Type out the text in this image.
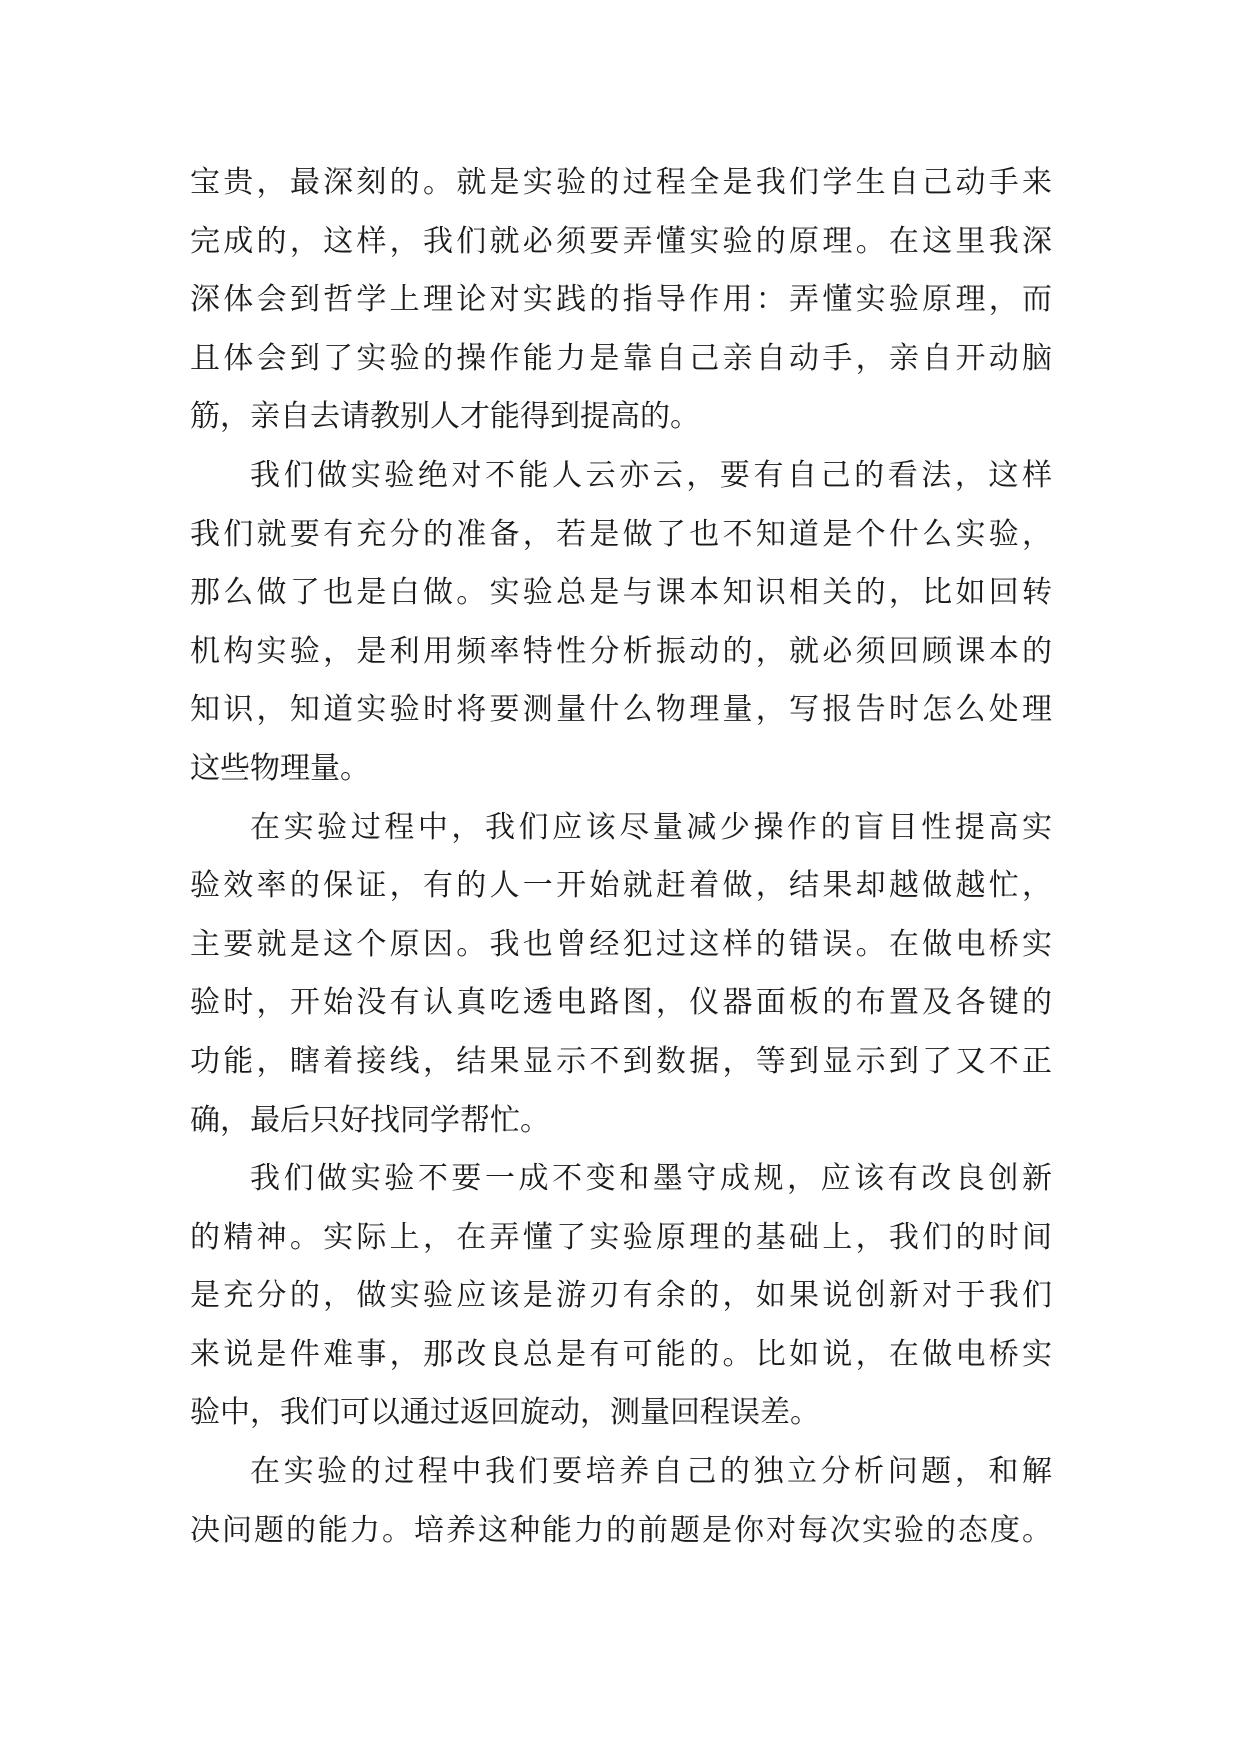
宝贵，最深刻的。就是实验的过程全是我们学生自己动手来
完成的，这样，我们就必须要弄懂实验的原理。在这里我深
深体会到哲学上理论对实践的指导作用：弄懂实验原理，而
且体会到了实验的操作能力是靠自己亲自动手，亲自开动脑
筋，亲自去请教别人才能得到提高的。
我们做实验绝对不能人云亦云，要有自己的看法，这样
我们就要有充分的准备，若是做了也不知道是个什么实验，
那么做了也是白做。实验总是与课本知识相关的，比如回转
机构实验，是利用频率特性分析振动的，就必须回顾课本的
知识，知道实验时将要测量什么物理量，写报告时怎么处理
这些物理量。
在实验过程中，我们应该尽量减少操作的盲目性提高实
验效率的保证，有的人一开始就赶着做，结果却越做越忙，
主要就是这个原因。我也曾经犯过这样的错误。在做电桥实
验时，开始没有认真吃透电路图，仪器面板的布置及各键的
功能，瞎着接线，结果显示不到数据，等到显示到了又不正
确，最后只好找同学帮忙。
我们做实验不要一成不变和墨守成规，应该有改良创新
的精神。实际上，在弄懂了实验原理的基础上，我们的时间
是充分的，做实验应该是游刃有余的，如果说创新对于我们
来说是件难事，那改良总是有可能的。比如说，在做电桥实
验中，我们可以通过返回旋动，测量回程误差。
在实验的过程中我们要培养自己的独立分析问题，和解
决问题的能力。培养这种能力的前题是你对每次实验的态度。
